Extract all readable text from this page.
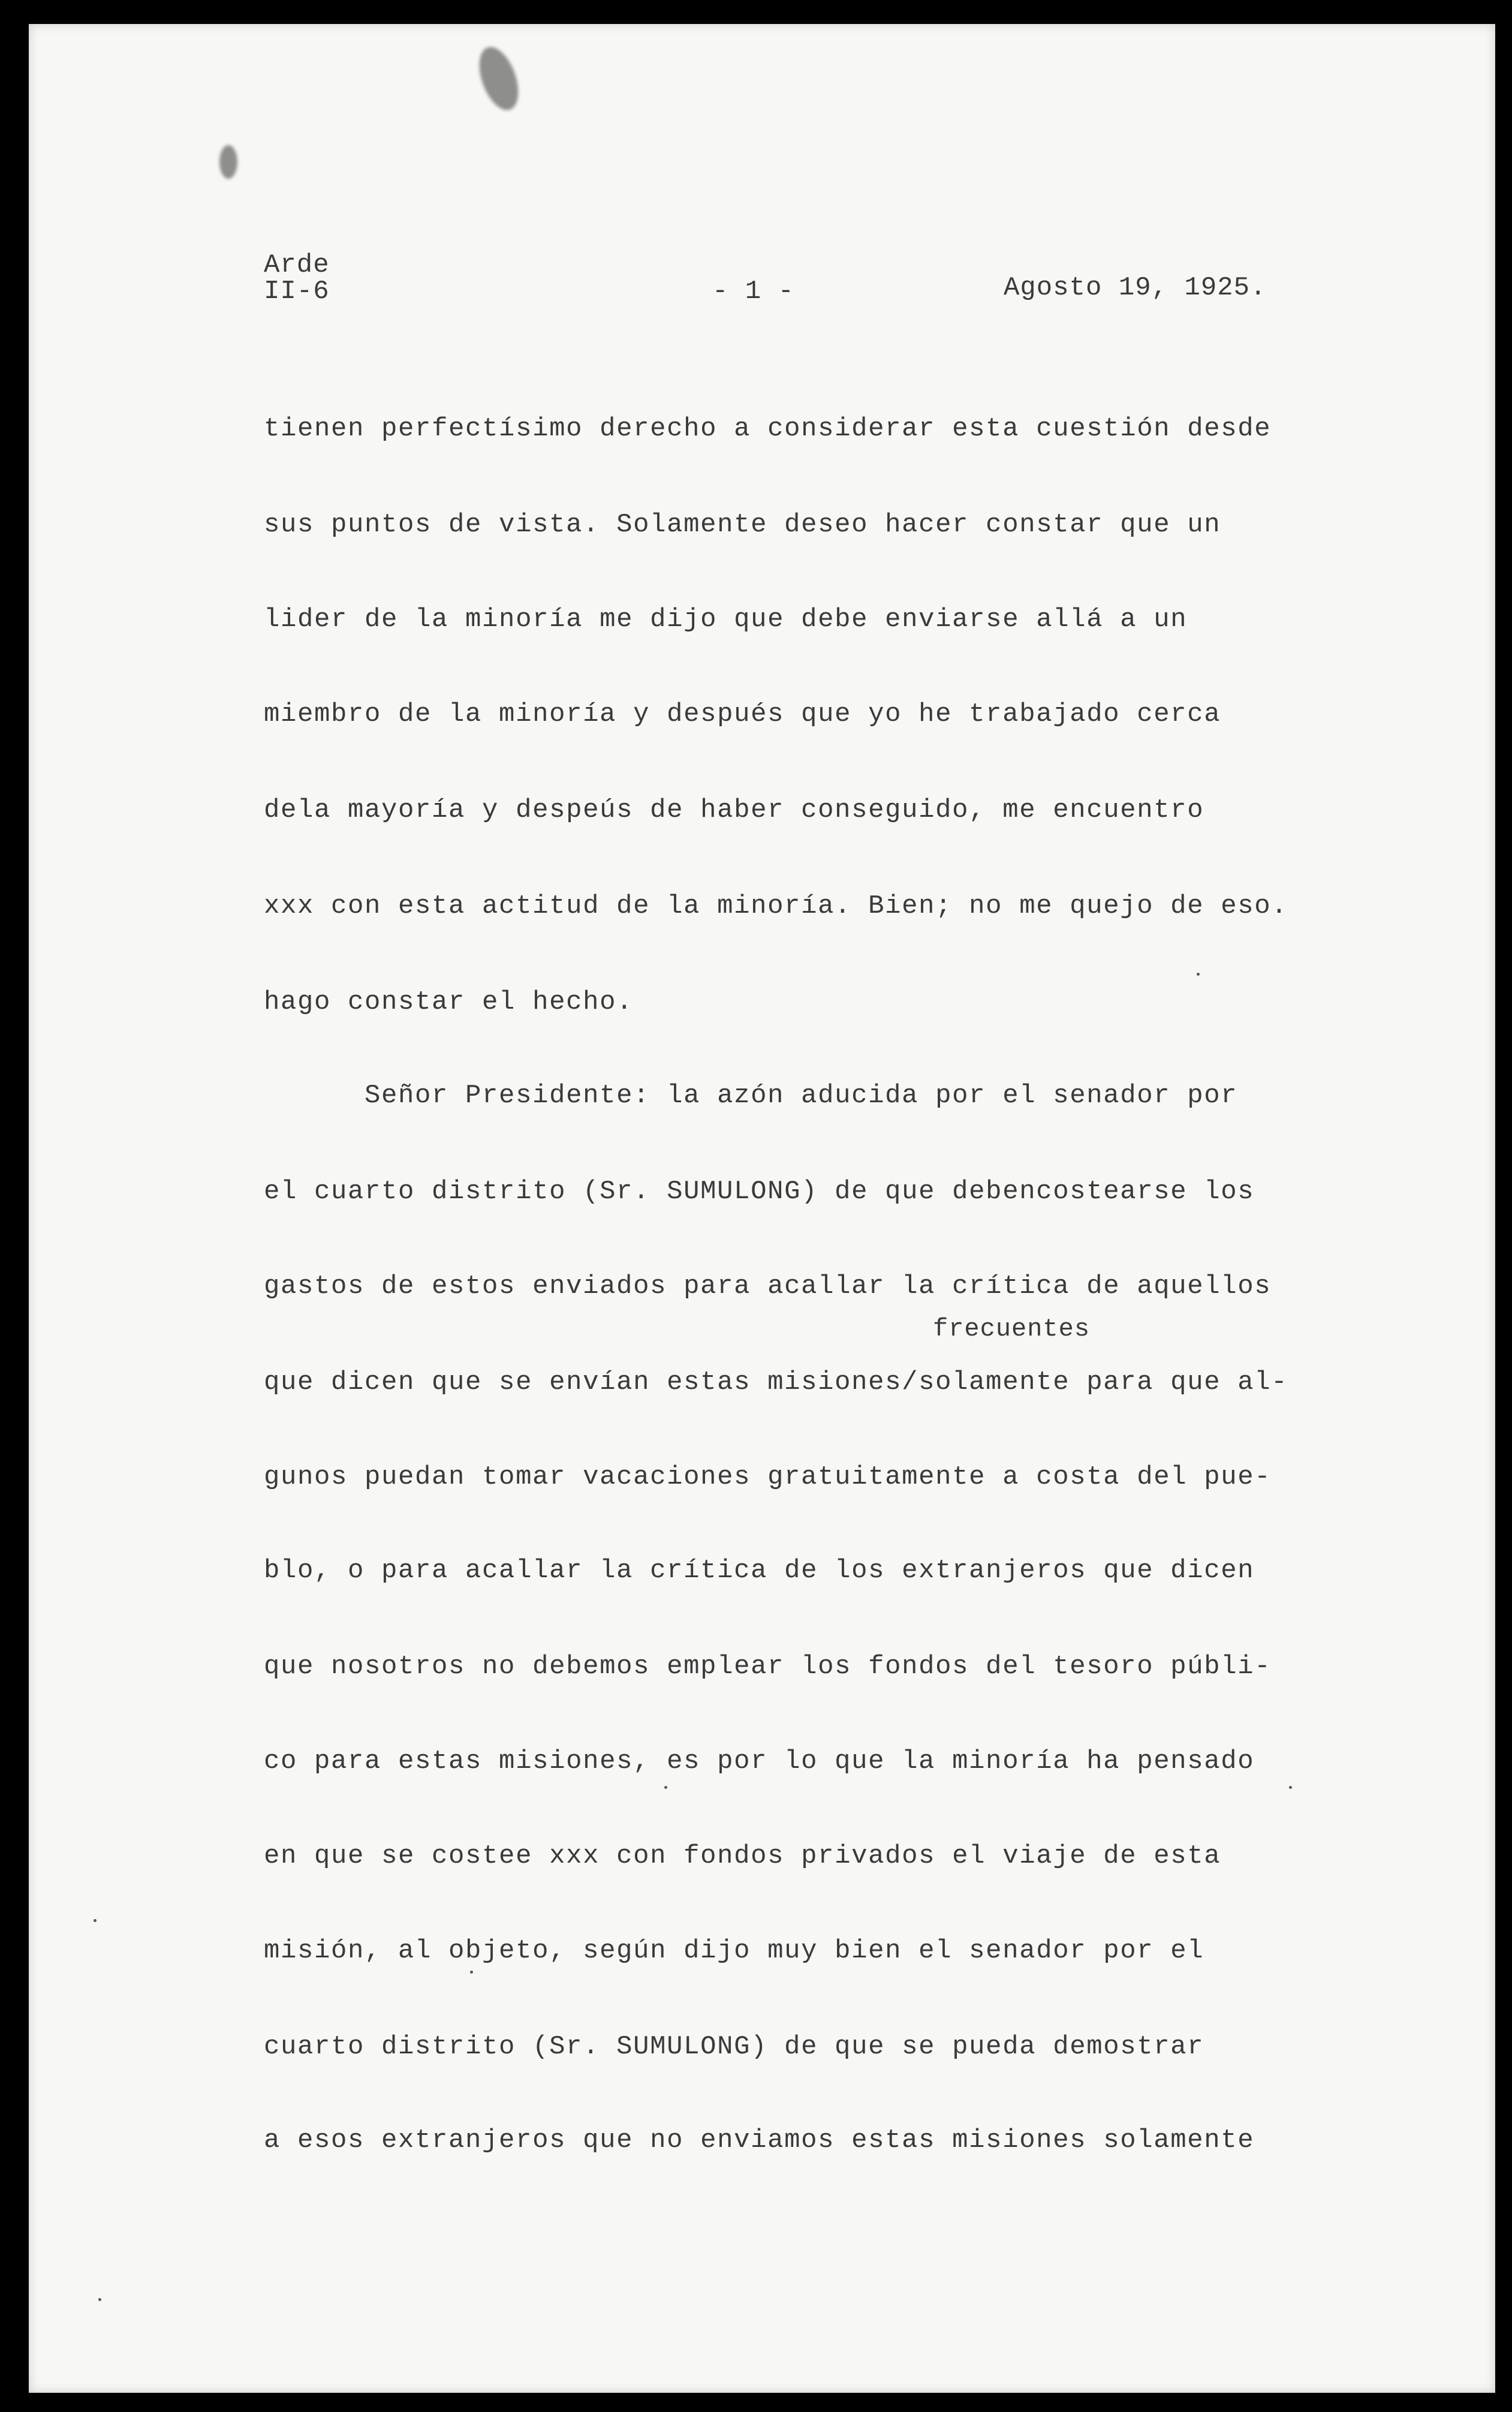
Arde
II-6	- 1 -	Agosto 19, 1925.
frecuentes
tienen perfectísimo derecho a considerar esta cuestión desde
sus puntos de vista. Solamente deseo hacer constar que un
lider de la minoría me dijo que debe enviarse allá a un
miembro de la minoría y después que yo he trabajado cerca
dela mayoría y despeús de haber conseguido, me encuentro
xxx con esta actitud de la minoría. Bien; no me quejo de eso.
hago constar el hecho.
Señor Presidente: la azón aducida por el senador por
el cuarto distrito (Sr. SUMULONG) de que debencostearse los
gastos de estos enviados para acallar la crítica de aquellos
que dicen que se envían estas misiones/solamente para que al-
gunos puedan tomar vacaciones gratuitamente a costa del pue-
blo, o para acallar la crítica de los extranjeros que dicen
que nosotros no debemos emplear los fondos del tesoro públi-
co para estas misiones, es por lo que la minoría ha pensado
en que se costee xxx con fondos privados el viaje de esta
misión, al objeto, según dijo muy bien el senador por el
cuarto distrito (Sr. SUMULONG) de que se pueda demostrar
a esos extranjeros que no enviamos estas misiones solamente
